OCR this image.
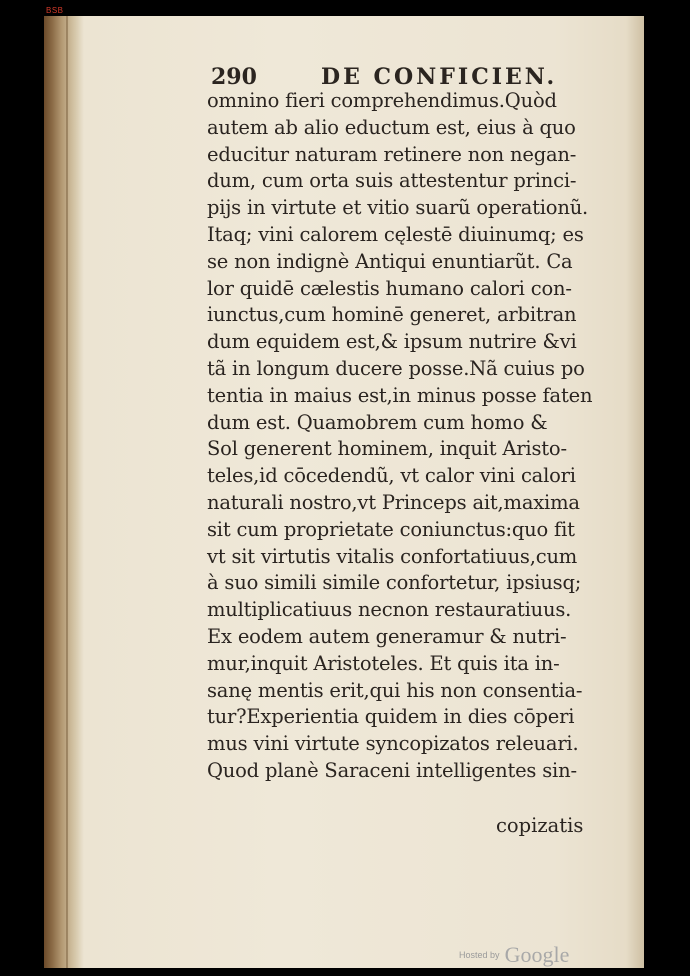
BSB
290	DE CONFICIEN.
omnino fieri comprehendimus.Quòd
autem ab alio eductum est, eius à quo
educitur naturam retinere non negan-
dum, cum orta suis attestentur princi-
pijs in virtute et vitio suarũ operationũ.
Itaq; vini calorem cęlestē diuinumq; es
se non indignè Antiqui enuntiarũt. Ca
lor quidē cælestis humano calori con-
iunctus,cum hominē generet, arbitran
dum equidem est,& ipsum nutrire &vi
tã in longum ducere posse.Nã cuius po
tentia in maius est,in minus posse faten
dum est. Quamobrem cum homo &
Sol generent hominem, inquit Aristo-
teles,id cōcedendũ, vt calor vini calori
naturali nostro,vt Princeps ait,maxima
sit cum proprietate coniunctus:quo fit
vt sit virtutis vitalis confortatiuus,cum
à suo simili simile confortetur, ipsiusq;
multiplicatiuus necnon restauratiuus.
Ex eodem autem generamur & nutri-
mur,inquit Aristoteles. Et quis ita in-
sanę mentis erit,qui his non consentia-
tur?Experientia quidem in dies cōperi
mus vini virtute syncopizatos releuari.
Quod planè Saraceni intelligentes sin-
copizatis
Hosted by Google
